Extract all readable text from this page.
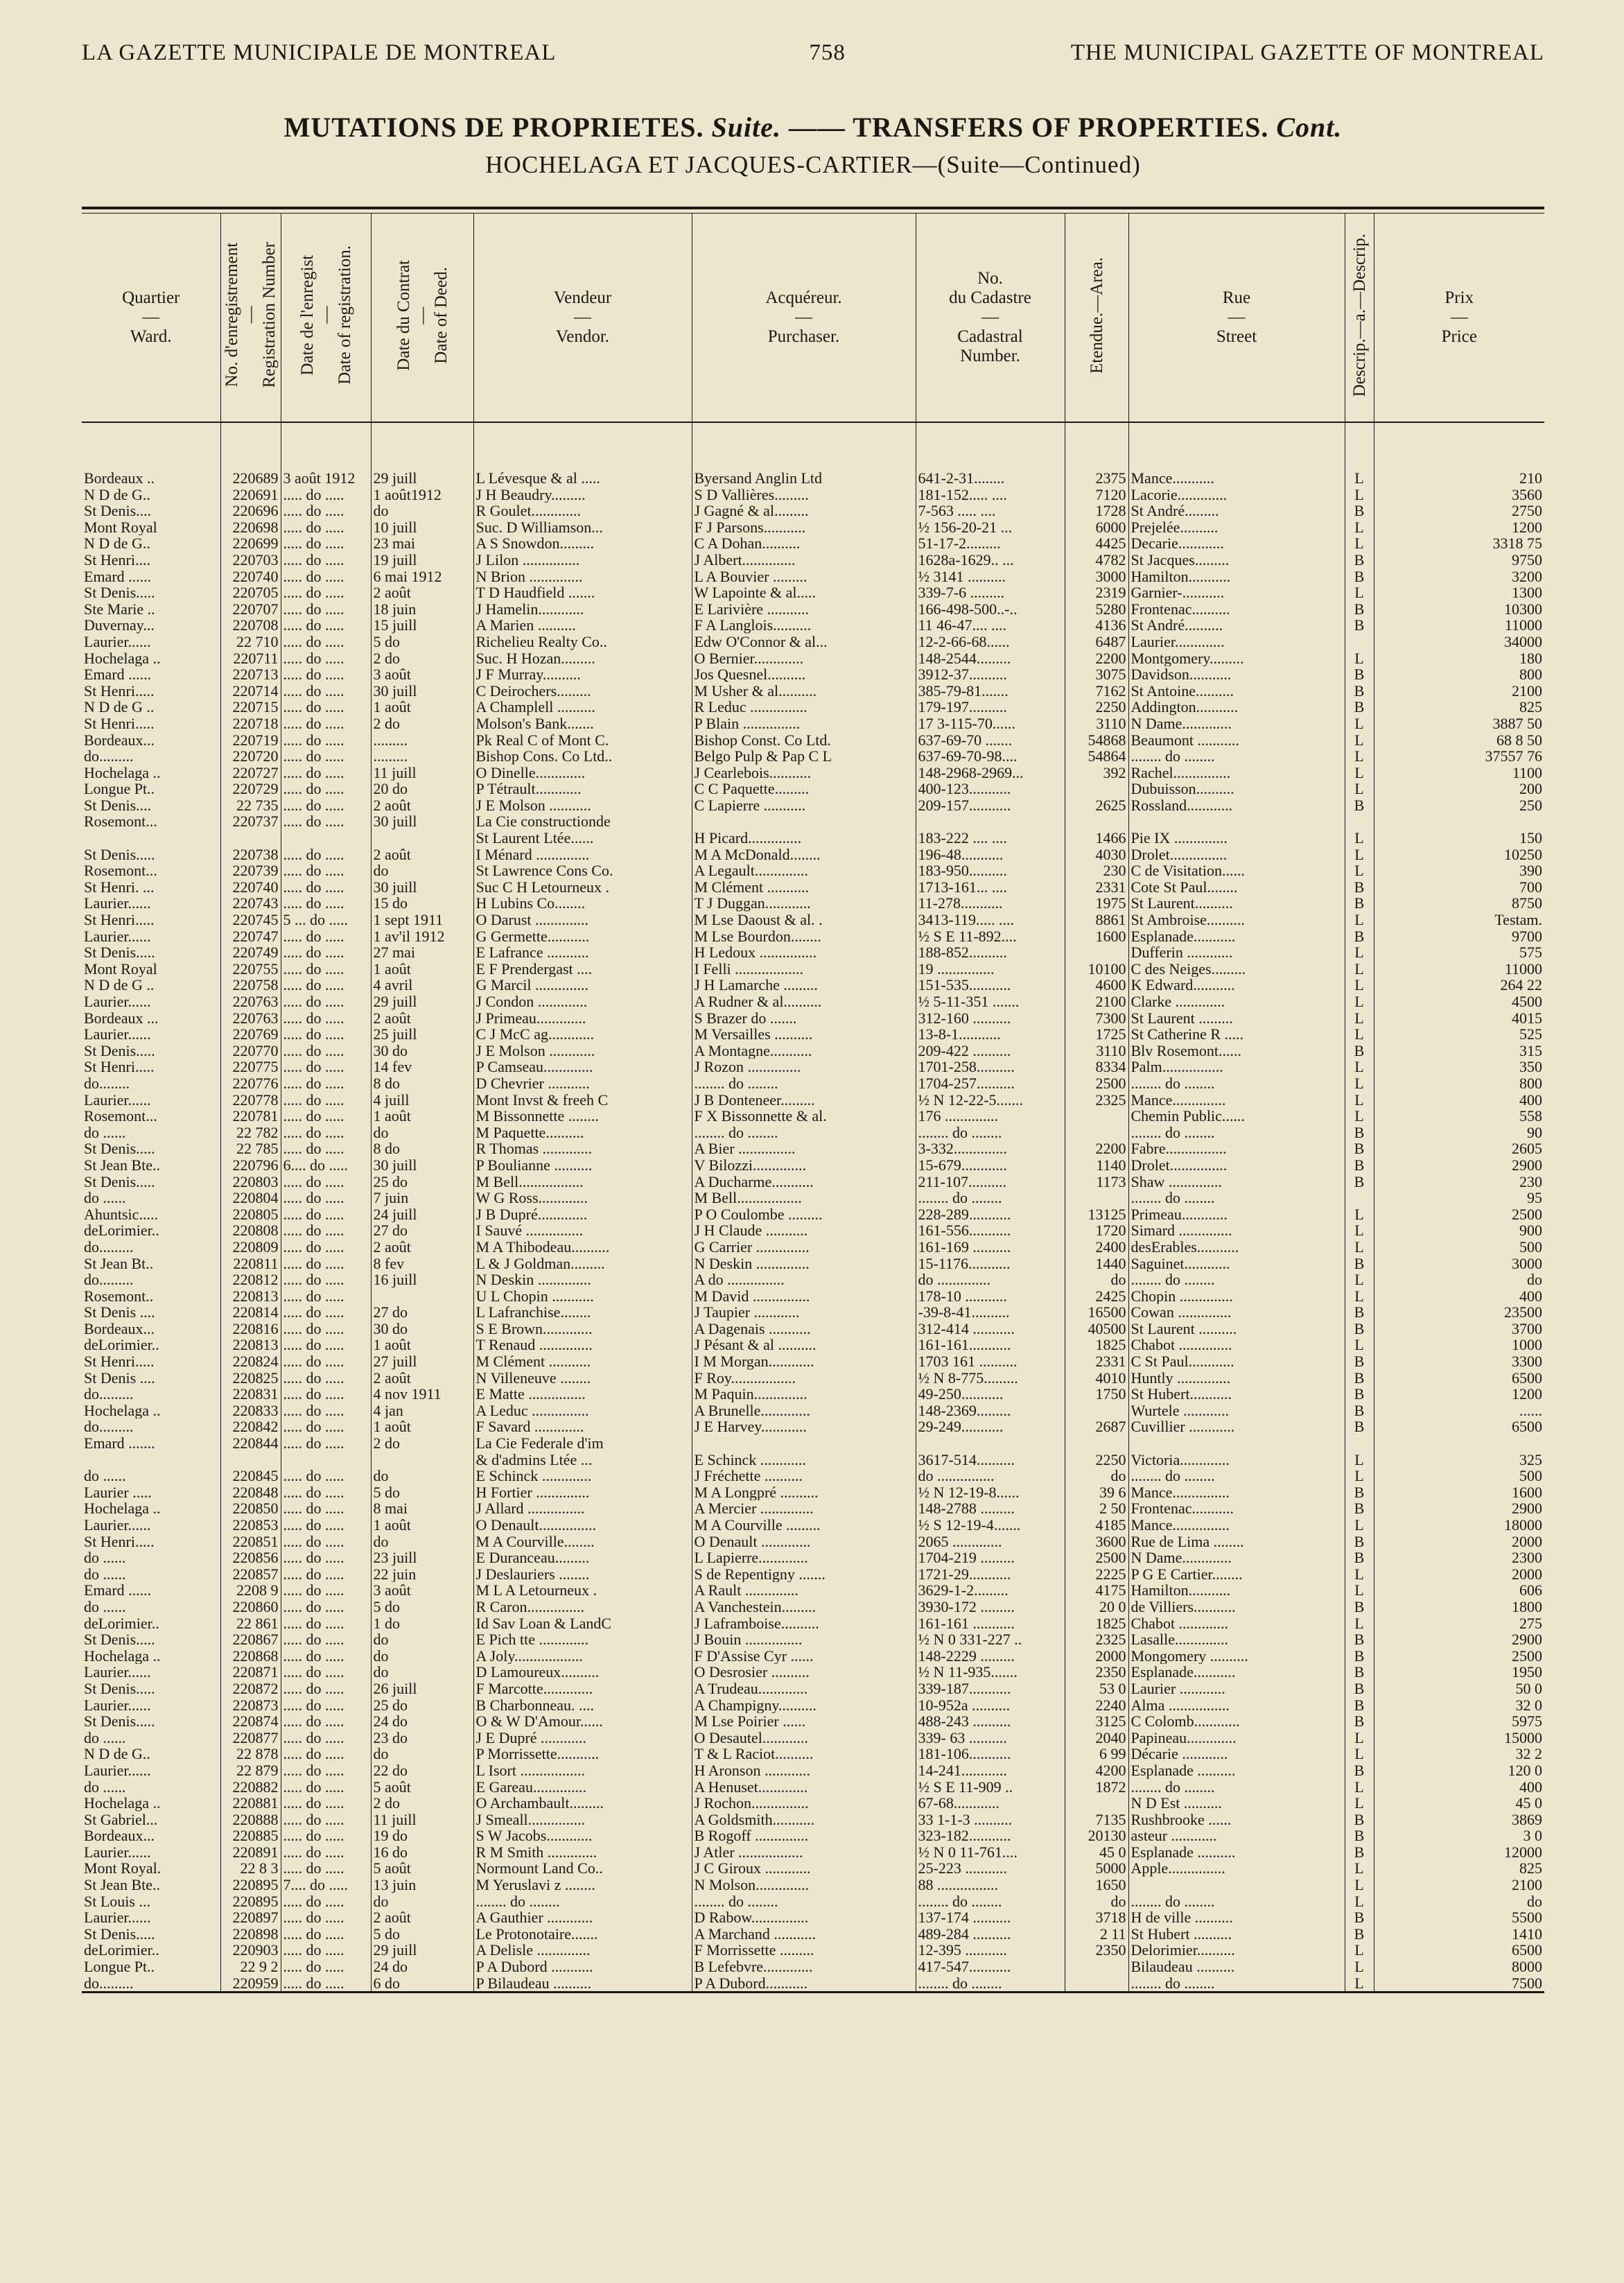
LA GAZETTE MUNICIPALE DE MONTREAL	758	THE MUNICIPAL GAZETTE OF MONTREAL
MUTATIONS DE PROPRIETES. Suite. —— TRANSFERS OF PROPERTIES. Cont.
HOCHELAGA ET JACQUES-CARTIER—(Suite—Continued)
Quartier
—
Ward.	No. d'enregistrement
—
Registration Number	Date de l'enregist
—
Date of registration.	Date du Contrat
—
Date of Deed.	Vendeur
—
Vendor.	Acquéreur.
—
Purchaser.	No.
du Cadastre
—
Cadastral
Number.	Etendue.—Area.	Rue
—
Street	Descrip.—a.—Descrip.	Prix
—
Price

Bordeaux ..	220689	3 août 1912	29 juill	L Lévesque & al .....	Byersand Anglin Ltd	641-2-31........	2375	Mance...........	L	210
N D de G..	220691	..... do .....	1 août1912	J H Beaudry.........	S D Vallières.........	181-152..... ....	7120	Lacorie.............	L	3560
St Denis....	220696	..... do .....	do	R Goulet.............	J Gagné & al.........	7-563 ..... ....	1728	St André.........	B	2750
Mont Royal	220698	..... do .....	10 juill	Suc. D Williamson...	F J Parsons...........	½ 156-20-21 ...	6000	Prejelée..........	L	1200
N D de G..	220699	..... do .....	23 mai	A S Snowdon.........	C A Dohan..........	51-17-2.........	4425	Decarie............	L	3318 75
St Henri....	220703	..... do .....	19 juill	J Lilon ...............	J Albert..............	1628a-1629.. ...	4782	St Jacques.........	B	9750
Emard ......	220740	..... do .....	6 mai 1912	N Brion ..............	L A Bouvier .........	½ 3141 ..........	3000	Hamilton...........	B	3200
St Denis.....	220705	..... do .....	2 août	T D Haudfield .......	W Lapointe & al.....	339-7-6 .........	2319	Garnier-...........	L	1300
Ste Marie ..	220707	..... do .....	18 juin	J Hamelin............	E Larivière ...........	166-498-500..-..	5280	Frontenac..........	B	10300
Duvernay...	220708	..... do .....	15 juill	A Marien ..........	F A Langlois..........	11 46-47.... ....	4136	St André..........	B	11000
Laurier......	22 710	..... do .....	5 do	Richelieu Realty Co..	Edw O'Connor & al...	12-2-66-68......	6487	Laurier.............		34000
Hochelaga ..	220711	..... do .....	2 do	Suc. H Hozan.........	O Bernier.............	148-2544.........	2200	Montgomery.........	L	180
Emard ......	220713	..... do .....	3 août	J F Murray..........	Jos Quesnel..........	3912-37..........	3075	Davidson...........	B	800
St Henri.....	220714	..... do .....	30 juill	C Deirochers.........	M Usher & al..........	385-79-81.......	7162	St Antoine..........	B	2100
N D de G ..	220715	..... do .....	1 août	A Champlell ..........	R Leduc ...............	179-197..........	2250	Addington...........	B	825
St Henri.....	220718	..... do .....	2 do	Molson's Bank.......	P Blain ...............	17 3-115-70......	3110	N Dame.............	L	3887 50
Bordeaux...	220719	..... do .....	.........	Pk Real C of Mont C.	Bishop Const. Co Ltd.	637-69-70 .......	54868	Beaumont ...........	L	68 8 50
do.........	220720	..... do .....	.........	Bishop Cons. Co Ltd..	Belgo Pulp & Pap C L	637-69-70-98....	54864	........ do ........	L	37557 76
Hochelaga ..	220727	..... do .....	11 juill	O Dinelle.............	J Cearlebois...........	148-2968-2969...	392	Rachel...............	L	1100
Longue Pt..	220729	..... do .....	20 do	P Tétrault............	C C Paquette.........	400-123...........		Dubuisson..........	L	200
St Denis....	22 735	..... do .....	2 août	J E Molson ...........	C Lapierre ...........	209-157...........	2625	Rossland............	B	250
Rosemont...	220737	..... do .....	30 juill	La Cie constructionde						
				St Laurent Ltée......	H Picard..............	183-222 .... ....	1466	Pie IX ..............	L	150
St Denis.....	220738	..... do .....	2 août	I Ménard ..............	M A McDonald........	196-48...........	4030	Drolet...............	L	10250
Rosemont...	220739	..... do .....	do	St Lawrence Cons Co.	A Legault..............	183-950..........	230	C de Visitation......	L	390
St Henri. ...	220740	..... do .....	30 juill	Suc C H Letourneux .	M Clément ...........	1713-161... ....	2331	Cote St Paul........	B	700
Laurier......	220743	..... do .....	15 do	H Lubins Co........	T J Duggan............	11-278...........	1975	St Laurent..........	B	8750
St Henri.....	220745	5 ... do .....	1 sept 1911	O Darust ..............	M Lse Daoust & al. .	3413-119..... ....	8861	St Ambroise..........	L	Testam.
Laurier......	220747	..... do .....	1 av'il 1912	G Germette...........	M Lse Bourdon........	½ S E 11-892....	1600	Esplanade...........	B	9700
St Denis.....	220749	..... do .....	27 mai	E Lafrance ...........	H Ledoux ...............	188-852..........		Dufferin ............	L	575
Mont Royal	220755	..... do .....	1 août	E F Prendergast ....	I Felli ..................	19 ...............	10100	C des Neiges.........	L	11000
N D de G ..	220758	..... do .....	4 avril	G Marcil ..............	J H Lamarche .........	151-535...........	4600	K Edward...........	L	264 22
Laurier......	220763	..... do .....	29 juill	J Condon .............	A Rudner & al..........	½ 5-11-351 .......	2100	Clarke .............	L	4500
Bordeaux ...	220763	..... do .....	2 août	J Primeau.............	S Brazer do .......	312-160 ..........	7300	St Laurent .........	L	4015
Laurier......	220769	..... do .....	25 juill	C J McC ag............	M Versailles ..........	13-8-1...........	1725	St Catherine R .....	L	525
St Denis.....	220770	..... do .....	30 do	J E Molson ............	A Montagne...........	209-422 ..........	3110	Blv Rosemont......	B	315
St Henri.....	220775	..... do .....	14 fev	P Camseau.............	J Rozon ..............	1701-258..........	8334	Palm................	L	350
do........	220776	..... do .....	8 do	D Chevrier ...........	........ do ........	1704-257..........	2500	........ do ........	L	800
Laurier......	220778	..... do .....	4 juill	Mont Invst & freeh C	J B Donteneer.........	½ N 12-22-5.......	2325	Mance..............	L	400
Rosemont...	220781	..... do .....	1 août	M Bissonnette ........	F X Bissonnette & al.	176 ..............		Chemin Public......	L	558
do ......	22 782	..... do .....	do	M Paquette..........	........ do ........	........ do ........		........ do ........	B	90
St Denis.....	22 785	..... do .....	8 do	R Thomas .............	A Bier ...............	3-332..............	2200	Fabre................	B	2605
St Jean Bte..	220796	6.... do .....	30 juill	P Boulianne ..........	V Bilozzi..............	15-679............	1140	Drolet...............	B	2900
St Denis.....	220803	..... do .....	25 do	M Bell.................	A Ducharme...........	211-107..........	1173	Shaw ..............	B	230
do ......	220804	..... do .....	7 juin	W G Ross.............	M Bell.................	........ do ........		........ do ........		95
Ahuntsic.....	220805	..... do .....	24 juill	J B Dupré.............	P O Coulombe .........	228-289...........	13125	Primeau............	L	2500
deLorimier..	220808	..... do .....	27 do	I Sauvé ...............	J H Claude ...........	161-556...........	1720	Simard ..............	L	900
do.........	220809	..... do .....	2 août	M A Thibodeau..........	G Carrier ..............	161-169 ..........	2400	desErables...........	L	500
St Jean Bt..	220811	..... do .....	8 fev	L & J Goldman.........	N Deskin ..............	15-1176...........	1440	Saguinet............	B	3000
do.........	220812	..... do .....	16 juill	N Deskin ..............	A do ...............	do ..............	do	........ do ........	L	do
Rosemont..	220813	..... do .....		U L Chopin ...........	M David ...............	178-10 ...........	2425	Chopin ..............	L	400
St Denis ....	220814	..... do .....	27 do	L Lafranchise........	J Taupier ............	-39-8-41..........	16500	Cowan ..............	B	23500
Bordeaux...	220816	..... do .....	30 do	S E Brown.............	A Dagenais ...........	312-414 ...........	40500	St Laurent ..........	B	3700
deLorimier..	220813	..... do .....	1 août	T Renaud ..............	J Pésant & al ..........	161-161...........	1825	Chabot ..............	L	1000
St Henri.....	220824	..... do .....	27 juill	M Clément ...........	I M Morgan............	1703 161 ..........	2331	C St Paul............	B	3300
St Denis ....	220825	..... do .....	2 août	N Villeneuve ........	F Roy.................	½ N 8-775.........	4010	Huntly ..............	B	6500
do.........	220831	..... do .....	4 nov 1911	E Matte ...............	M Paquin..............	49-250...........	1750	St Hubert...........	B	1200
Hochelaga ..	220833	..... do .....	4 jan	A Leduc ...............	A Brunelle.............	148-2369.........		Wurtele ............	B	......
do.........	220842	..... do .....	1 août	F Savard .............	J E Harvey............	29-249...........	2687	Cuvillier ............	B	6500
Emard .......	220844	..... do .....	2 do	La Cie Federale d'im						
				& d'admins Ltée ...	E Schinck ............	3617-514..........	2250	Victoria.............	L	325
do ......	220845	..... do .....	do	E Schinck .............	J Fréchette ..........	do ...............	do	........ do ........	L	500
Laurier .....	220848	..... do .....	5 do	H Fortier ..............	M A Longpré ..........	½ N 12-19-8......	39 6	Mance...............	B	1600
Hochelaga ..	220850	..... do .....	8 mai	J Allard ...............	A Mercier ..............	148-2788 .........	2 50	Frontenac...........	B	2900
Laurier......	220853	..... do .....	1 août	O Denault...............	M A Courville .........	½ S 12-19-4.......	4185	Mance...............	L	18000
St Henri.....	220851	..... do .....	do	M A Courville........	O Denault .............	2065 .............	3600	Rue de Lima ........	B	2000
do ......	220856	..... do .....	23 juill	E Duranceau.........	L Lapierre.............	1704-219 .........	2500	N Dame.............	B	2300
do ......	220857	..... do .....	22 juin	J Deslauriers ........	S de Repentigny .......	1721-29...........	2225	P G E Cartier........	L	2000
Emard ......	2208 9	..... do .....	3 août	M L A Letourneux .	A Rault ..............	3629-1-2.........	4175	Hamilton...........	L	606
do ......	220860	..... do .....	5 do	R Caron...............	A Vanchestein.........	3930-172 .........	20 0	de Villiers...........	B	1800
deLorimier..	22 861	..... do .....	1 do	Id Sav Loan & LandC	J Laframboise..........	161-161 ...........	1825	Chabot .............	L	275
St Denis.....	220867	..... do .....	do	E Pich tte .............	J Bouin ...............	½ N 0 331-227 ..	2325	Lasalle..............	B	2900
Hochelaga ..	220868	..... do .....	do	A Joly..................	F D'Assise Cyr ......	148-2229 .........	2000	Mongomery ..........	B	2500
Laurier......	220871	..... do .....	do	D Lamoureux..........	O Desrosier ..........	½ N 11-935.......	2350	Esplanade...........	B	1950
St Denis.....	220872	..... do .....	26 juill	F Marcotte.............	A Trudeau.............	339-187...........	53 0	Laurier ............	B	50 0
Laurier......	220873	..... do .....	25 do	B Charbonneau. ....	A Champigny..........	10-952a ..........	2240	Alma ................	B	32 0
St Denis.....	220874	..... do .....	24 do	O & W D'Amour......	M Lse Poirier ......	488-243 ..........	3125	C Colomb............	B	5975
do ......	220877	..... do .....	23 do	J E Dupré ............	O Desautel............	339- 63 ..........	2040	Papineau.............	L	15000
N D de G..	22 878	..... do .....	do	P Morrissette...........	T & L Raciot..........	181-106...........	6 99	Décarie ............	L	32 2
Laurier......	22 879	..... do .....	22 do	L Isort .................	H Aronson ............	14-241............	4200	Esplanade ..........	B	120 0
do ......	220882	..... do .....	5 août	E Gareau..............	A Henuset.............	½ S E 11-909 ..	1872	........ do ........	L	400
Hochelaga ..	220881	..... do .....	2 do	O Archambault.........	J Rochon...............	67-68............		N D Est ..........	L	45 0
St Gabriel...	220888	..... do .....	11 juill	J Smeall...............	A Goldsmith...........	33 1-1-3 ..........	7135	Rushbrooke ......	B	3869
Bordeaux...	220885	..... do .....	19 do	S W Jacobs............	B Rogoff ..............	323-182...........	20130	asteur ............	B	3 0
Laurier......	220891	..... do .....	16 do	R M Smith .............	J Atler .................	½ N 0 11-761....	45 0	Esplanade ..........	B	12000
Mont Royal.	22 8 3	..... do .....	5 août	Normount Land Co..	J C Giroux ............	25-223 ...........	5000	Apple...............	L	825
St Jean Bte..	220895	7.... do .....	13 juin	M Yeruslavi z ........	N Molson..............	88 ................	1650		L	2100
St Louis ...	220895	..... do .....	do	........ do ........	........ do ........	........ do ........	do	........ do ........	L	do
Laurier......	220897	..... do .....	2 août	A Gauthier ............	D Rabow...............	137-174 ..........	3718	H de ville ..........	B	5500
St Denis.....	220898	..... do .....	5 do	Le Protonotaire.......	A Marchand ...........	489-284 ..........	2 11	St Hubert ..........	B	1410
deLorimier..	220903	..... do .....	29 juill	A Delisle ..............	F Morrissette .........	12-395 ...........	2350	Delorimier..........	L	6500
Longue Pt..	22 9 2	..... do .....	24 do	P A Dubord ...........	B Lefebvre.............	417-547...........		Bilaudeau ..........	L	8000
do.........	220959	..... do .....	6 do	P Bilaudeau ..........	P A Dubord...........	........ do ........		........ do ........	L	7500
